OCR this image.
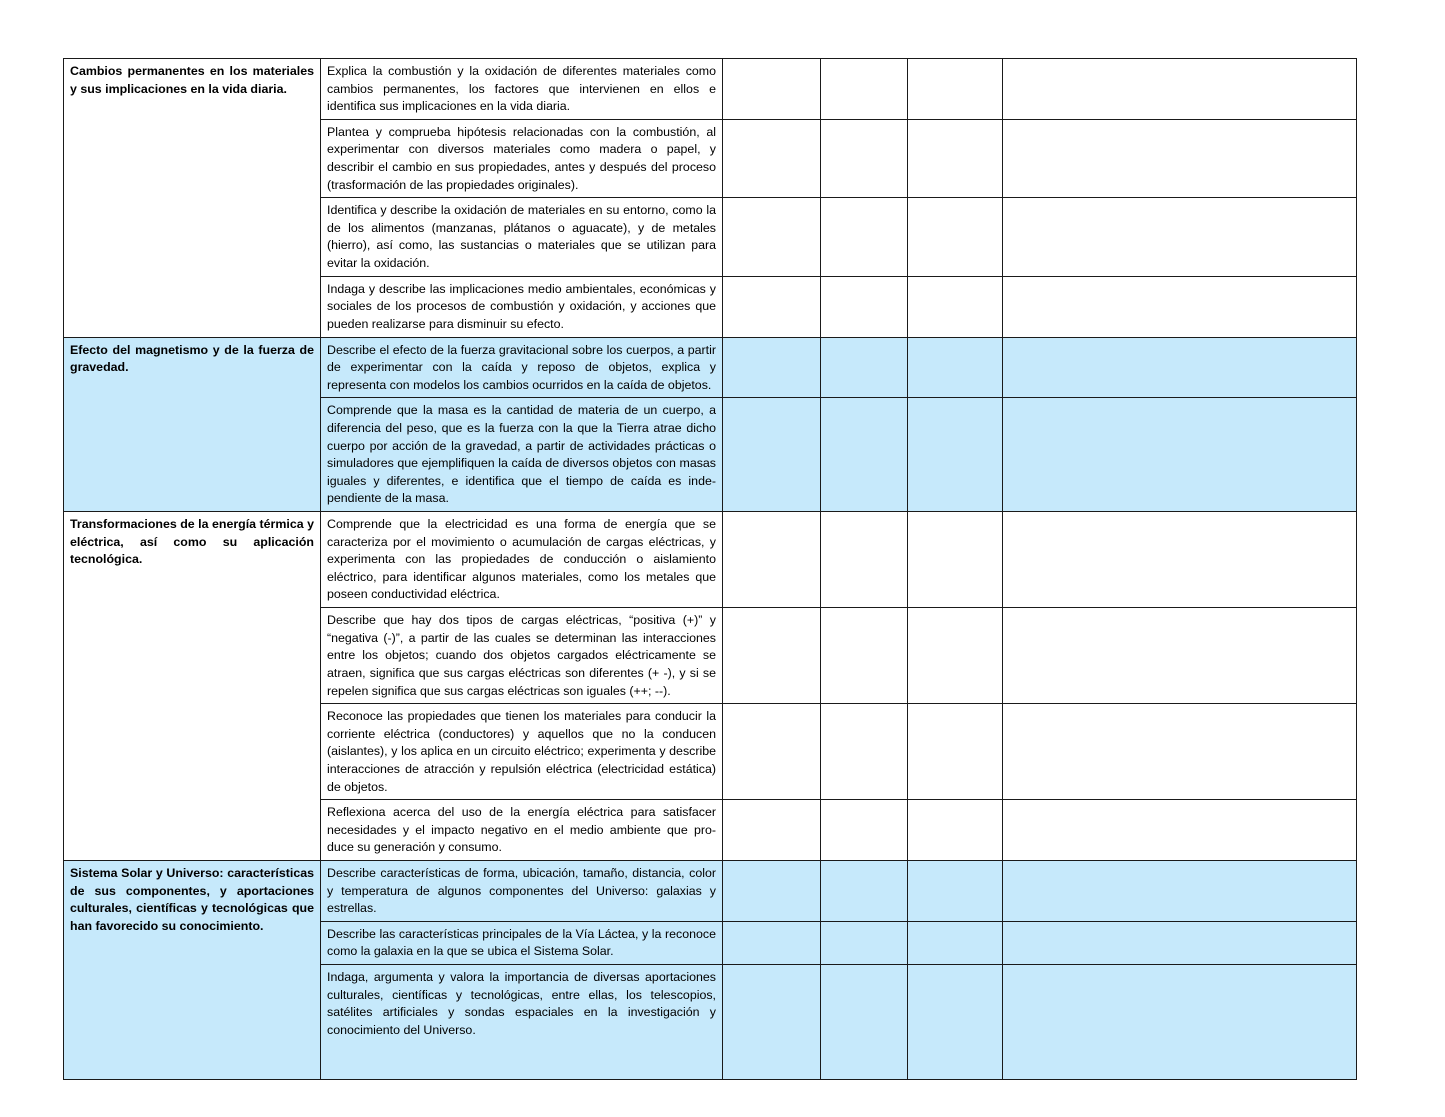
Cambios permanentes en los materiales y sus implicaciones en la vida diaria.	Explica la combustión y la oxidación de diferentes materiales como cambios permanentes, los factores que intervienen en ellos e identifica sus implicaciones en la vida diaria.				
	Plantea y comprueba hipótesis relacionadas con la combustión, al experimentar con diversos materiales como madera o papel, y describir el cambio en sus propiedades, antes y después del proceso (trasformación de las propiedades originales).				
	Identifica y describe la oxidación de materiales en su entorno, como la de los alimentos (manzanas, plátanos o aguacate), y de metales (hierro), así como, las sustancias o materiales que se utilizan para evitar la oxidación.				
	Indaga y describe las implicaciones medio ambientales, económicas y sociales de los procesos de combustión y oxidación, y acciones que pueden realizarse para disminuir su efecto.				
Efecto del magnetismo y de la fuerza de gravedad.	Describe el efecto de la fuerza gravitacional sobre los cuerpos, a partir de experimentar con la caída y reposo de objetos, explica y representa con modelos los cambios ocurridos en la caída de objetos.				
	Comprende que la masa es la cantidad de materia de un cuerpo, a diferencia del peso, que es la fuerza con la que la Tierra atrae dicho cuerpo por acción de la gravedad, a partir de actividades prácticas o simuladores que ejemplifiquen la caída de diversos objetos con masas iguales y diferentes, e identifica que el tiempo de caída es inde- pendiente de la masa.				
Transformaciones de la energía térmica y eléctrica, así como su aplicación tecnológica.	Comprende que la electricidad es una forma de energía que se caracteriza por el movimiento o acumulación de cargas eléctricas, y experimenta con las propiedades de conducción o aislamiento eléctrico, para identificar algunos materiales, como los metales que poseen conductividad eléctrica.				
	Describe que hay dos tipos de cargas eléctricas, “positiva (+)” y “negativa (-)”, a partir de las cuales se determinan las interacciones entre los objetos; cuando dos objetos cargados eléctricamente se atraen, significa que sus cargas eléctricas son diferentes (+ -), y si se repelen significa que sus cargas eléctricas son iguales (++; --).				
	Reconoce las propiedades que tienen los materiales para conducir la corriente eléctrica (conductores) y aquellos que no la conducen (aislantes), y los aplica en un circuito eléctrico; experimenta y describe interacciones de atracción y repulsión eléctrica (electricidad estática) de objetos.				
	Reflexiona acerca del uso de la energía eléctrica para satisfacer necesidades y el impacto negativo en el medio ambiente que pro- duce su generación y consumo.				
Sistema Solar y Universo: características de sus componentes, y aportaciones culturales, científicas y tecnológicas que han favorecido su conocimiento.	Describe características de forma, ubicación, tamaño, distancia, color y temperatura de algunos componentes del Universo: galaxias y estrellas.				
	Describe las características principales de la Vía Láctea, y la reconoce como la galaxia en la que se ubica el Sistema Solar.				
	Indaga, argumenta y valora la importancia de diversas aportaciones culturales, científicas y tecnológicas, entre ellas, los telescopios, satélites artificiales y sondas espaciales en la investigación y conocimiento del Universo.				
